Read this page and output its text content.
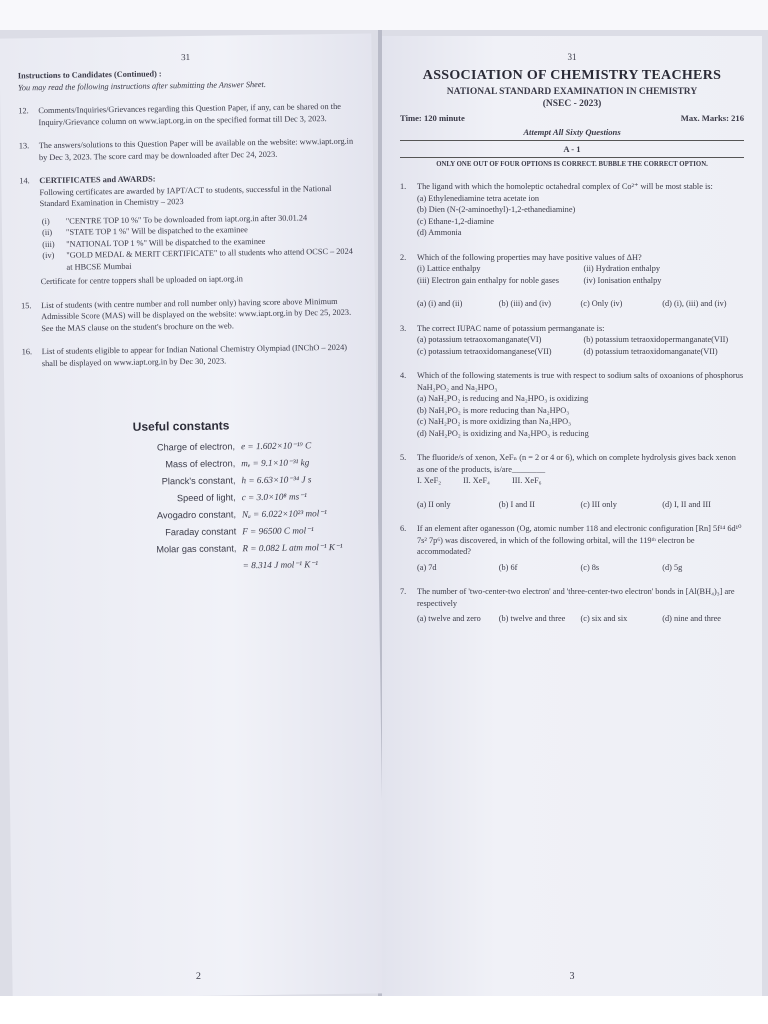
31
Instructions to Candidates (Continued) :
You may read the following instructions after submitting the Answer Sheet.
12.	Comments/Inquiries/Grievances regarding this Question Paper, if any, can be shared on the Inquiry/Grievance column on www.iapt.org.in on the specified format till Dec 3, 2023.
13.	The answers/solutions to this Question Paper will be available on the website: www.iapt.org.in by Dec 3, 2023. The score card may be downloaded after Dec 24, 2023.
14.	CERTIFICATES and AWARDS:
Following certificates are awarded by IAPT/ACT to students, successful in the National Standard Examination in Chemistry – 2023
(i)	"CENTRE TOP 10 %" To be downloaded from iapt.org.in after 30.01.24
(ii)	"STATE TOP 1 %" Will be dispatched to the examinee
(iii)	"NATIONAL TOP 1 %" Will be dispatched to the examinee
(iv)	"GOLD MEDAL & MERIT CERTIFICATE" to all students who attend OCSC – 2024 at HBCSE Mumbai
Certificate for centre toppers shall be uploaded on iapt.org.in
15.	List of students (with centre number and roll number only) having score above Minimum Admissible Score (MAS) will be displayed on the website: www.iapt.org.in by Dec 25, 2023. See the MAS clause on the student's brochure on the web.
16.	List of students eligible to appear for Indian National Chemistry Olympiad (INChO – 2024) shall be displayed on www.iapt.org.in by Dec 30, 2023.
Useful constants
Charge of electron, e = 1.602×10⁻¹⁹ C
Mass of electron, mₑ = 9.1×10⁻³¹ kg
Planck's constant, h = 6.63×10⁻³⁴ J s
Speed of light, c = 3.0×10⁸ ms⁻¹
Avogadro constant, Nₐ = 6.022×10²³ mol⁻¹
Faraday constant F = 96500 C mol⁻¹
Molar gas constant, R = 0.082 L atm mol⁻¹ K⁻¹
= 8.314 J mol⁻¹ K⁻¹
2
31
ASSOCIATION OF CHEMISTRY TEACHERS
NATIONAL STANDARD EXAMINATION IN CHEMISTRY
(NSEC - 2023)
Time: 120 minute	Max. Marks: 216
Attempt All Sixty Questions
A - 1
ONLY ONE OUT OF FOUR OPTIONS IS CORRECT. BUBBLE THE CORRECT OPTION.
1.	The ligand with which the homoleptic octahedral complex of Co²⁺ will be most stable is:
(a) Ethylenediamine tetra acetate ion
(b) Dien (N-(2-aminoethyl)-1,2-ethanediamine)
(c) Ethane-1,2-diamine
(d) Ammonia
2.	Which of the following properties may have positive values of ΔH?
(i) Lattice enthalpy	(ii) Hydration enthalpy
(iii) Electron gain enthalpy for noble gases	(iv) Ionisation enthalpy
(a) (i) and (ii)	(b) (iii) and (iv)	(c) Only (iv)	(d) (i), (iii) and (iv)
3.	The correct IUPAC name of potassium permanganate is:
(a) potassium tetraoxomanganate(VI)	(b) potassium tetraoxidopermanganate(VII)
(c) potassium tetraoxidomanganese(VII)	(d) potassium tetraoxidomanganate(VII)
4.	Which of the following statements is true with respect to sodium salts of oxoanions of phosphorus NaH₂PO₂ and Na₂HPO₃
(a) NaH₂PO₂ is reducing and Na₂HPO₃ is oxidizing
(b) NaH₂PO₂ is more reducing than Na₂HPO₃
(c) NaH₂PO₂ is more oxidizing than Na₂HPO₃
(d) NaH₂PO₂ is oxidizing and Na₂HPO₃ is reducing
5.	The fluoride/s of xenon, XeFₙ (n = 2 or 4 or 6), which on complete hydrolysis gives back xenon as one of the products, is/are________
I. XeF₂	II. XeF₄	III. XeF₆
(a) II only	(b) I and II	(c) III only	(d) I, II and III
6.	If an element after oganesson (Og, atomic number 118 and electronic configuration [Rn] 5f¹⁴ 6d¹⁰ 7s² 7p⁶) was discovered, in which of the following orbital, will the 119ᵗʰ electron be accommodated?
(a) 7d	(b) 6f	(c) 8s	(d) 5g
7.	The number of 'two-center-two electron' and 'three-center-two electron' bonds in [Al(BH₄)₃] are respectively
(a) twelve and zero	(b) twelve and three	(c) six and six	(d) nine and three
3
